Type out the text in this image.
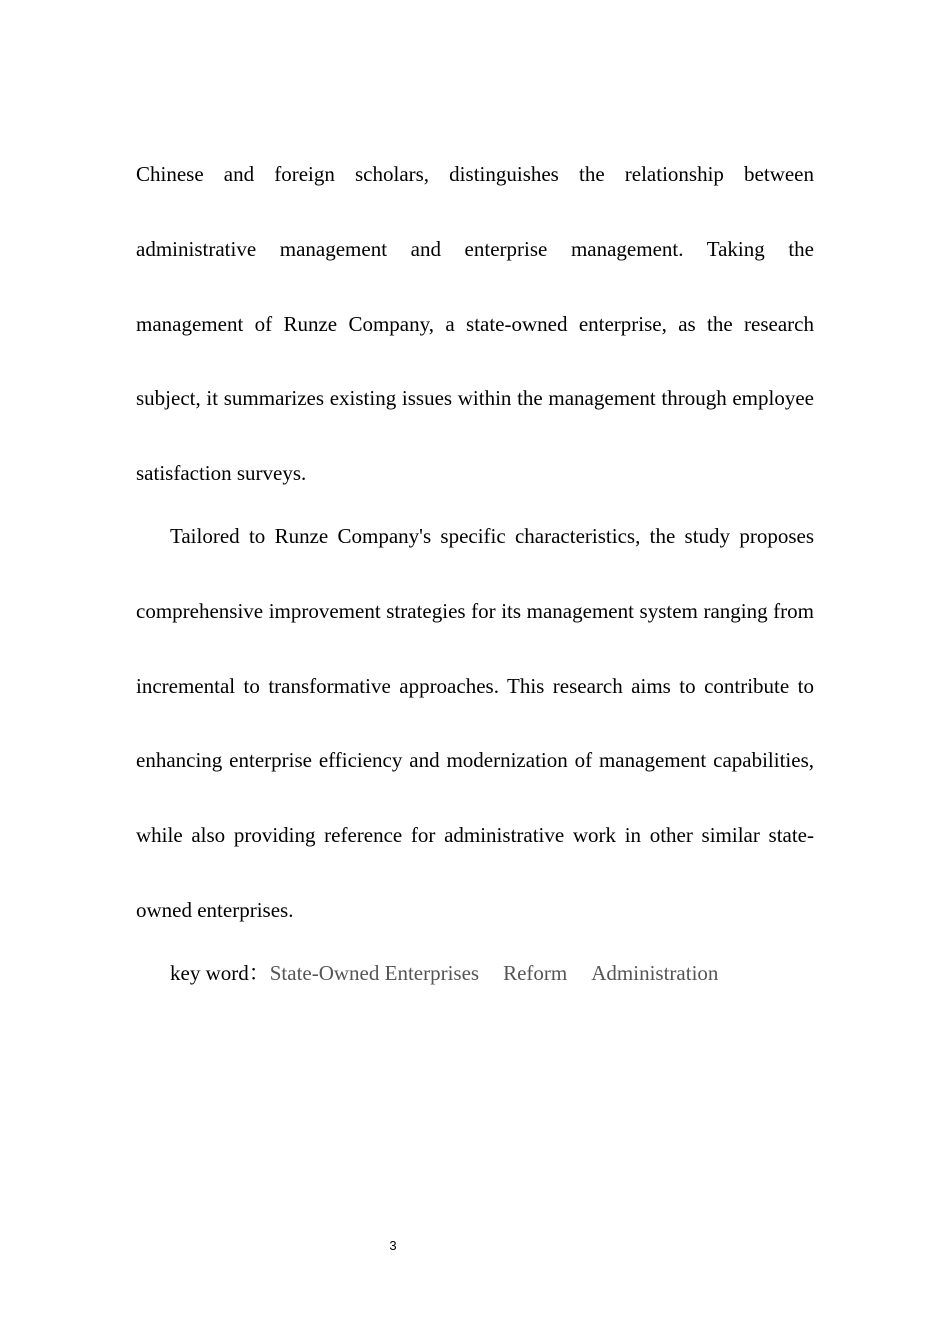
Chinese and foreign scholars, distinguishes the relationship between administrative management and enterprise management. Taking the management of Runze Company, a state-owned enterprise, as the research subject, it summarizes existing issues within the management through employee satisfaction surveys.

Tailored to Runze Company's specific characteristics, the study proposes comprehensive improvement strategies for its management system ranging from incremental to transformative approaches. This research aims to contribute to enhancing enterprise efficiency and modernization of management capabilities, while also providing reference for administrative work in other similar state-owned enterprises.

key word：State-Owned Enterprises Reform Administration

3
